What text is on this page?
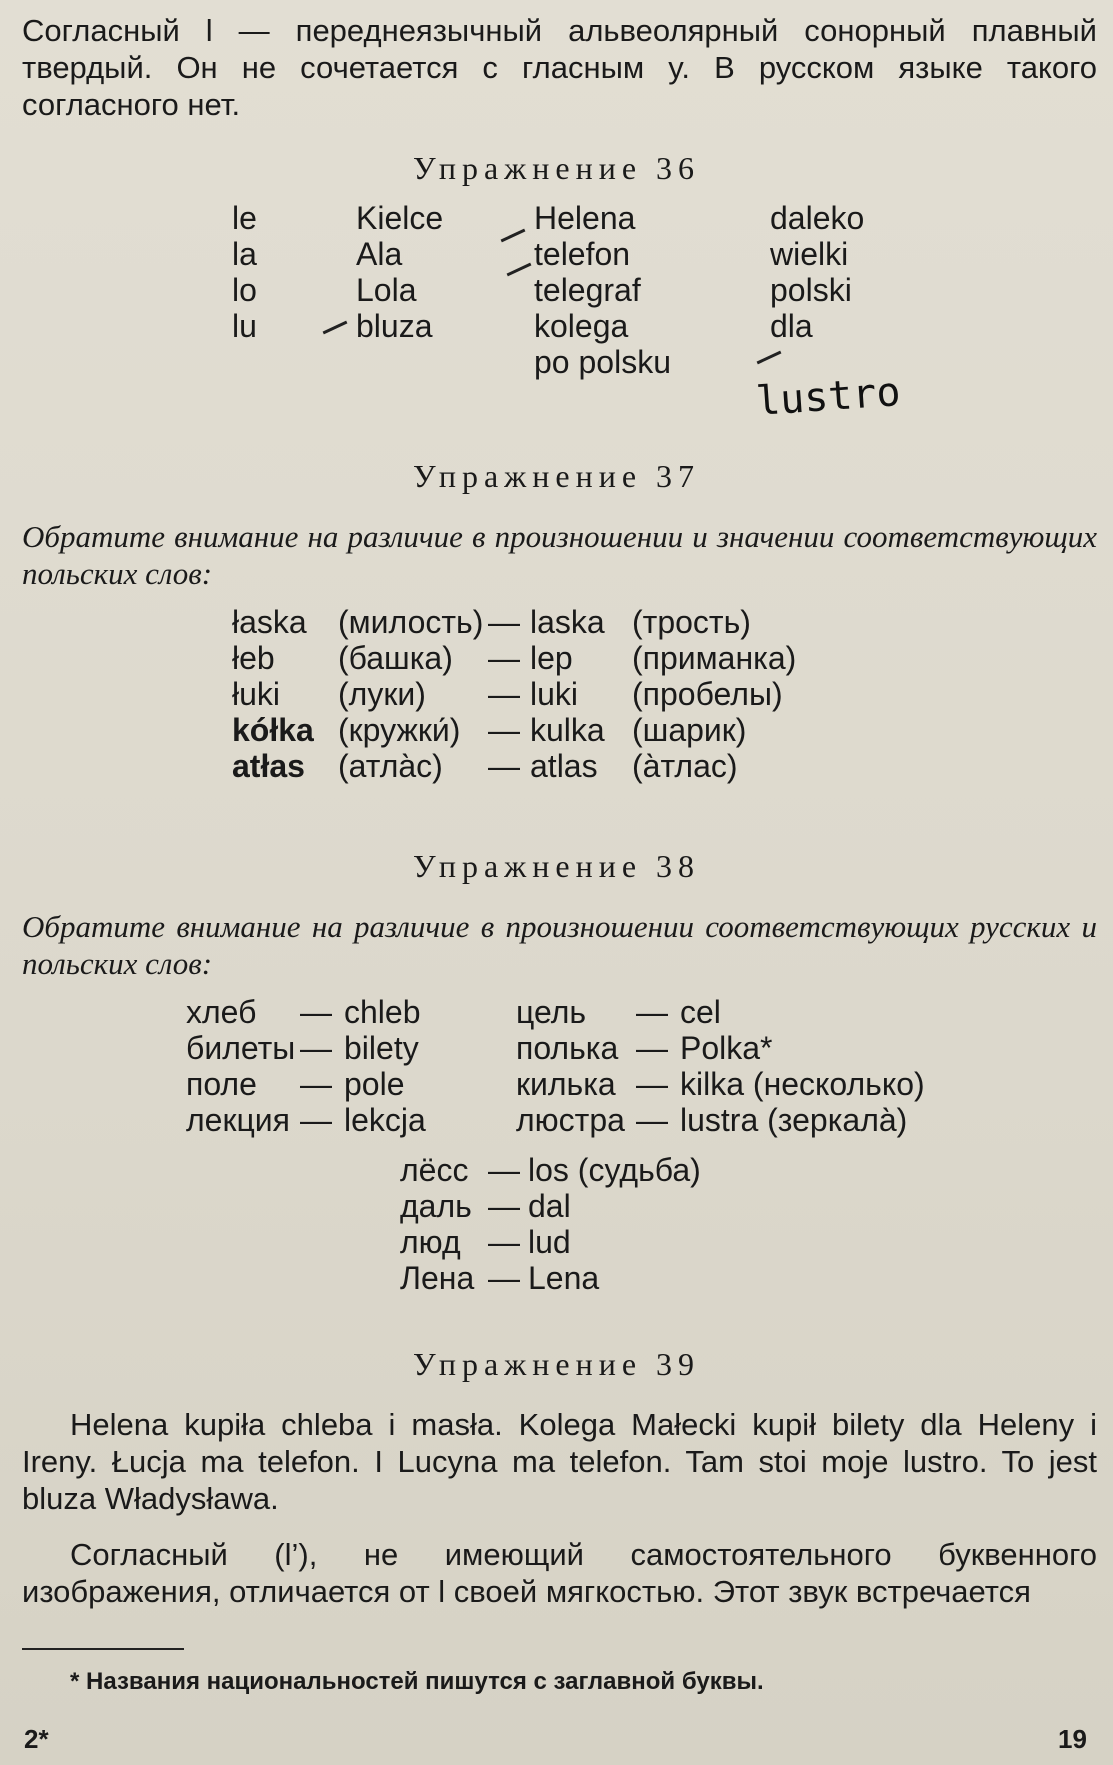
Согласный l — переднеязычный альвеолярный сонорный плавный твердый. Он не сочетается с гласным y. В русском языке такого согласного нет.
Упражнение 36
le
la
lo
lu
Kielce
Ala
Lola
bluza
Helena
telefon
telegraf
kolega
po polsku
daleko
wielki
polski
dla
lustro
Упражнение 37
Обратите внимание на различие в произношении и значении соответствующих польских слов:
łaska
łeb
łuki
kółka
atłas
(милость)
(башка)
(луки)
(кружки́)
(атла̀с)
—
—
—
—
—
laska
lep
luki
kulka
atlas
(трость)
(приманка)
(пробелы)
(шарик)
(а̀тлас)
Упражнение 38
Обратите внимание на различие в произношении соответствующих русских и польских слов:
хлеб
билеты
поле
лекция
—
—
—
—
chleb
bilety
pole
lekcja
цель
полька
килька
люстра
—
—
—
—
cel
Polka*
kilka (несколько)
lustra (зеркала̀)
лёсс
даль
люд
Лена
—
—
—
—
los (судьба)
dal
lud
Lena
Упражнение 39
Helena kupiła chleba i masła. Kolega Małecki kupił bilety dla Heleny i Ireny. Łucja ma telefon. I Lucyna ma telefon. Tam stoi moje lustro. To jest bluza Władysława.
Согласный (l’), не имеющий самостоятельного буквенного изображения, отличается от l своей мягкостью. Этот звук встречается
* Названия национальностей пишутся с заглавной буквы.
2*	19
